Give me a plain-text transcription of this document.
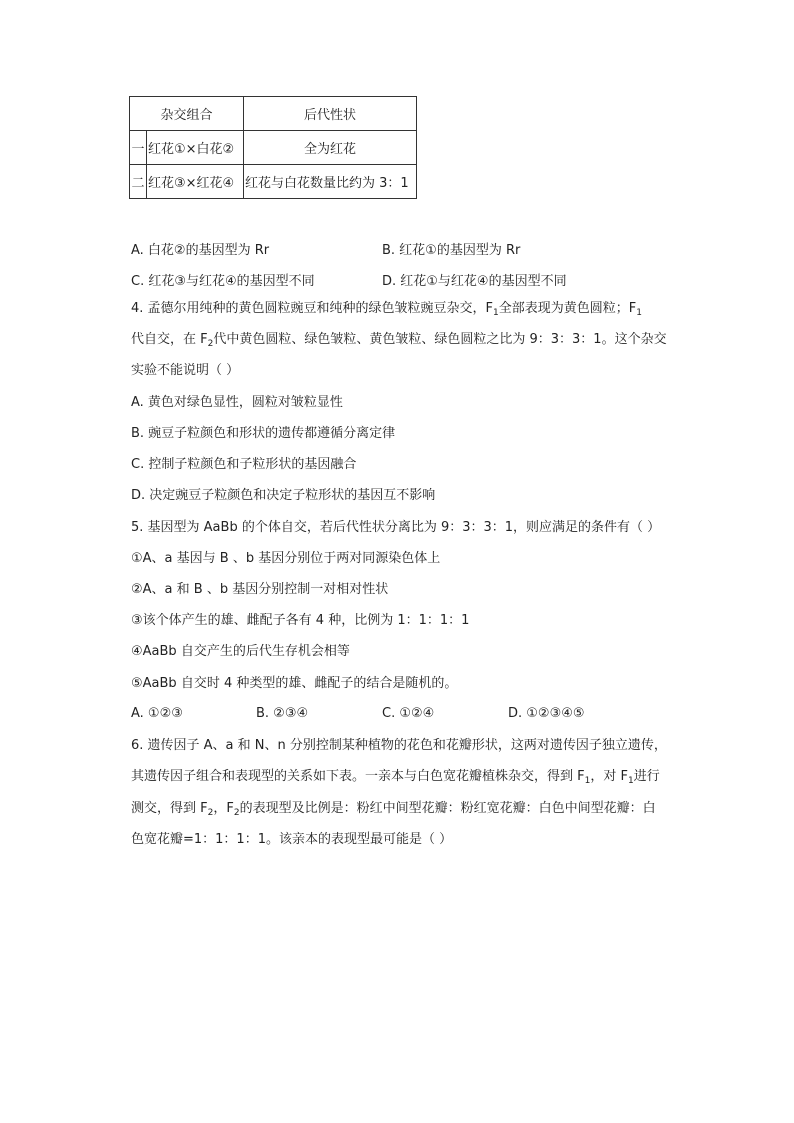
杂交组合		后代性状
一	红花①×白花②	全为红花
二	红花③×红花④	红花与白花数量比约为 3：1
A. 白花②的基因型为 Rr	B. 红花①的基因型为 Rr
C. 红花③与红花④的基因型不同	D. 红花①与红花④的基因型不同
4. 孟德尔用纯种的黄色圆粒豌豆和纯种的绿色皱粒豌豆杂交，$F_1$全部表现为黄色圆粒；$F_1$
代自交，在 $F_2$代中黄色圆粒、绿色皱粒、黄色皱粒、绿色圆粒之比为 9：3：3：1。这个杂交
实验不能说明（ ）
A. 黄色对绿色显性，圆粒对皱粒显性
B. 豌豆子粒颜色和形状的遗传都遵循分离定律
C. 控制子粒颜色和子粒形状的基因融合
D. 决定豌豆子粒颜色和决定子粒形状的基因互不影响
5. 基因型为 AaBb 的个体自交，若后代性状分离比为 9：3：3：1，则应满足的条件有（ ）
①A、a 基因与 B 、b 基因分别位于两对同源染色体上
②A、a 和 B 、b 基因分别控制一对相对性状
③该个体产生的雄、雌配子各有 4 种，比例为 1：1：1：1
④AaBb 自交产生的后代生存机会相等
⑤AaBb 自交时 4 种类型的雄、雌配子的结合是随机的。
A. ①②③	B. ②③④	C. ①②④	D. ①②③④⑤
6. 遗传因子 A、a 和 N、n 分别控制某种植物的花色和花瓣形状，这两对遗传因子独立遗传，
其遗传因子组合和表现型的关系如下表。一亲本与白色宽花瓣植株杂交，得到 $F_1$，对 $F_1$进行
测交，得到 $F_2$，$F_2$的表现型及比例是：粉红中间型花瓣：粉红宽花瓣：白色中间型花瓣：白
色宽花瓣=1：1：1：1。该亲本的表现型最可能是（ ）
